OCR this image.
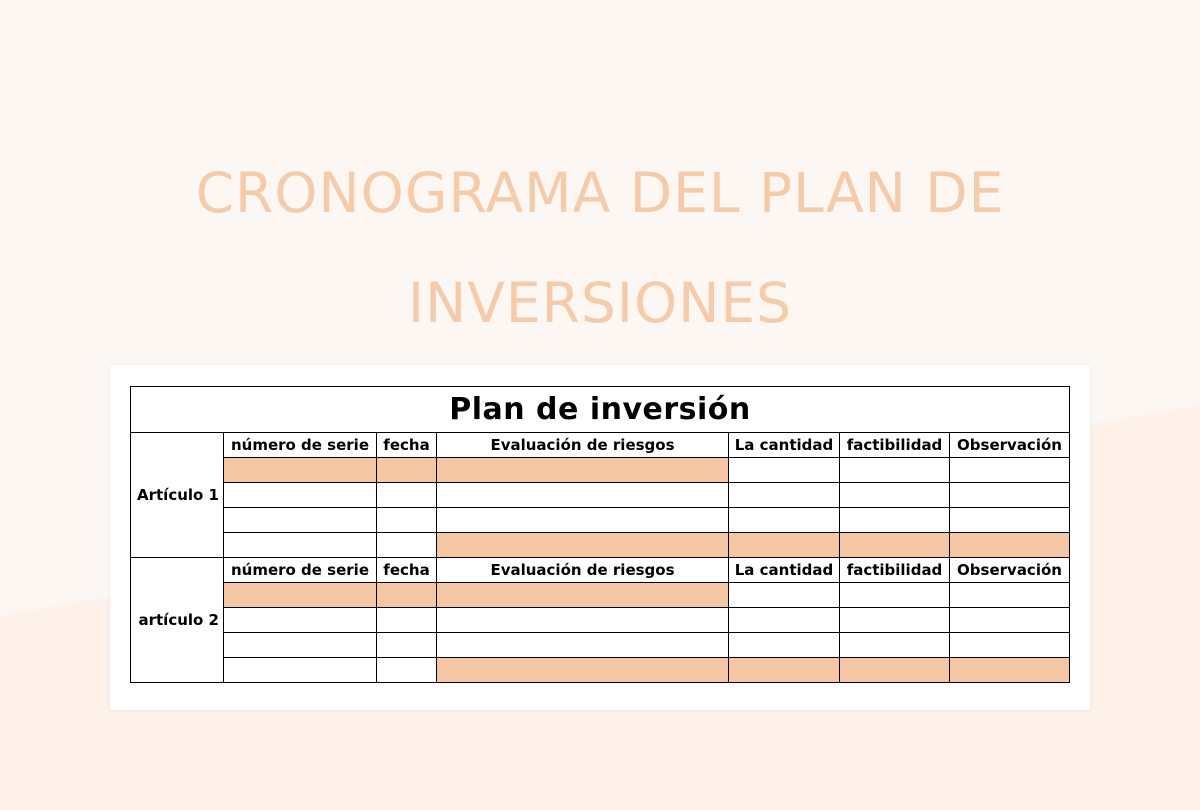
CRONOGRAMA DEL PLAN DE
INVERSIONES
Plan de inversión						
Artículo 1	número de serie	fecha	Evaluación de riesgos	La cantidad	factibilidad	Observación

artículo 2	número de serie	fecha	Evaluación de riesgos	La cantidad	factibilidad	Observación
